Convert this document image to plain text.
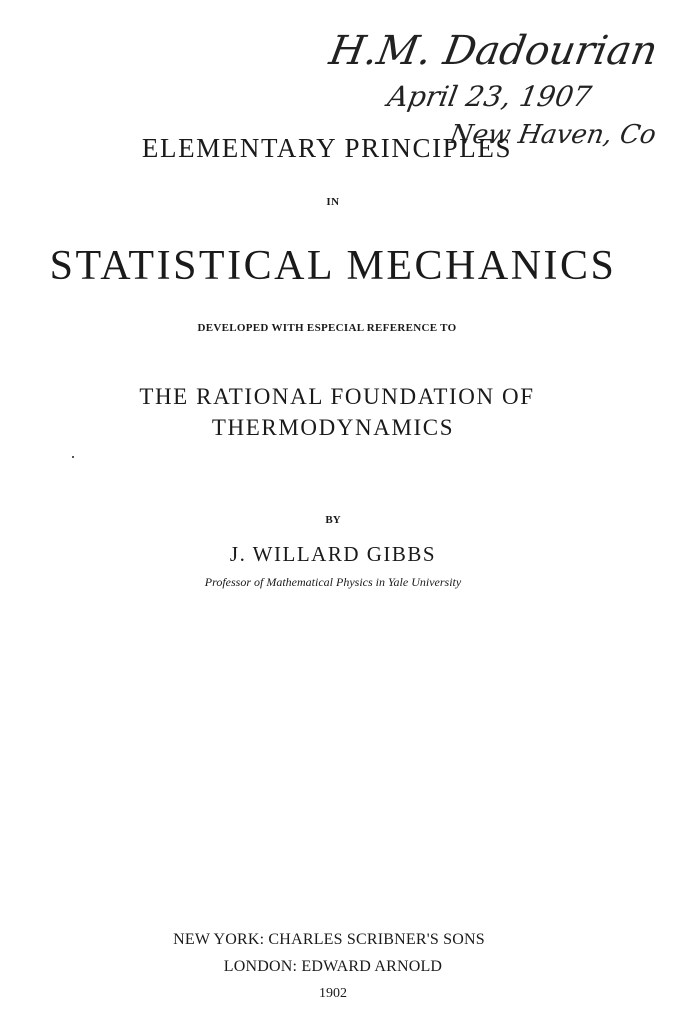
H.M. Dadourian
April 23, 1907
New Haven, Co
ELEMENTARY PRINCIPLES
IN
STATISTICAL MECHANICS
DEVELOPED WITH ESPECIAL REFERENCE TO
THE RATIONAL FOUNDATION OF
THERMODYNAMICS
BY
J. WILLARD GIBBS
Professor of Mathematical Physics in Yale University
NEW YORK: CHARLES SCRIBNER'S SONS
LONDON: EDWARD ARNOLD
1902
